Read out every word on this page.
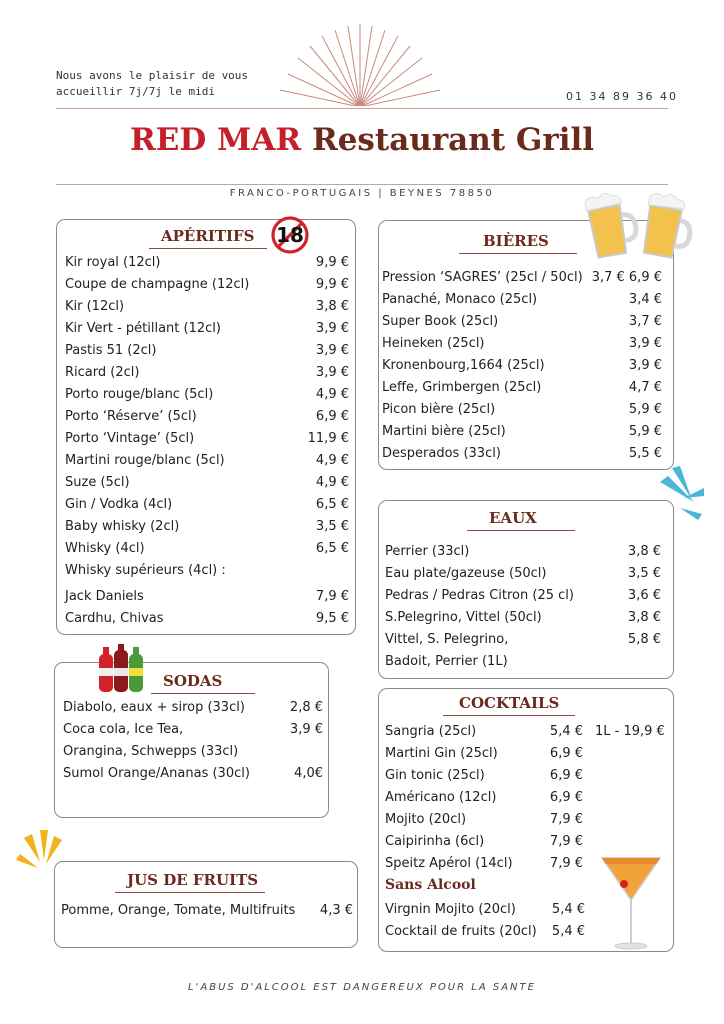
Nous avons le plaisir de vous
accueillir 7j/7j le midi	01 34 89 36 40
RED MAR Restaurant Grill
FRANCO-PORTUGAIS | BEYNES 78850
APÉRITIFS
Kir royal (12cl)	9,9 €
Coupe de champagne (12cl)	9,9 €
Kir (12cl)	3,8 €
Kir Vert - pétillant (12cl)	3,9 €
Pastis 51 (2cl)	3,9 €
Ricard (2cl)	3,9 €
Porto rouge/blanc (5cl)	4,9 €
Porto ‘Réserve’ (5cl)	6,9 €
Porto ‘Vintage’ (5cl)	11,9 €
Martini rouge/blanc (5cl)	4,9 €
Suze (5cl)	4,9 €
Gin / Vodka (4cl)	6,5 €
Baby whisky (2cl)	3,5 €
Whisky (4cl)	6,5 €
Whisky supérieurs (4cl) :
Jack Daniels	7,9 €
Cardhu, Chivas	9,5 €
18
SODAS
Diabolo, eaux + sirop (33cl)	2,8 €
Coca cola, Ice Tea,	3,9 €
Orangina, Schwepps (33cl)
Sumol Orange/Ananas (30cl)	4,0€
JUS DE FRUITS
Pomme, Orange, Tomate, Multifruits	4,3 €
BIÈRES
Pression ‘SAGRES’ (25cl / 50cl) 3,7 € 6,9 €
Panaché, Monaco (25cl)	3,4 €
Super Book (25cl)	3,7 €
Heineken (25cl)	3,9 €
Kronenbourg,1664 (25cl)	3,9 €
Leffe, Grimbergen (25cl)	4,7 €
Picon bière (25cl)	5,9 €
Martini bière (25cl)	5,9 €
Desperados (33cl)	5,5 €
EAUX
Perrier (33cl)	3,8 €
Eau plate/gazeuse (50cl)	3,5 €
Pedras / Pedras Citron (25 cl)	3,6 €
S.Pelegrino, Vittel (50cl)	3,8 €
Vittel, S. Pelegrino,	5,8 €
Badoit, Perrier (1L)
COCKTAILS
Sangria (25cl)	5,4 € 1L - 19,9 €
Martini Gin (25cl)	6,9 €
Gin tonic (25cl)	6,9 €
Américano (12cl)	6,9 €
Mojito (20cl)	7,9 €
Caipirinha (6cl)	7,9 €
Speitz Apérol (14cl)	7,9 €
Sans Alcool
Virgnin Mojito (20cl)	5,4 €
Cocktail de fruits (20cl)	5,4 €
L'ABUS D'ALCOOL EST DANGEREUX POUR LA SANTE
